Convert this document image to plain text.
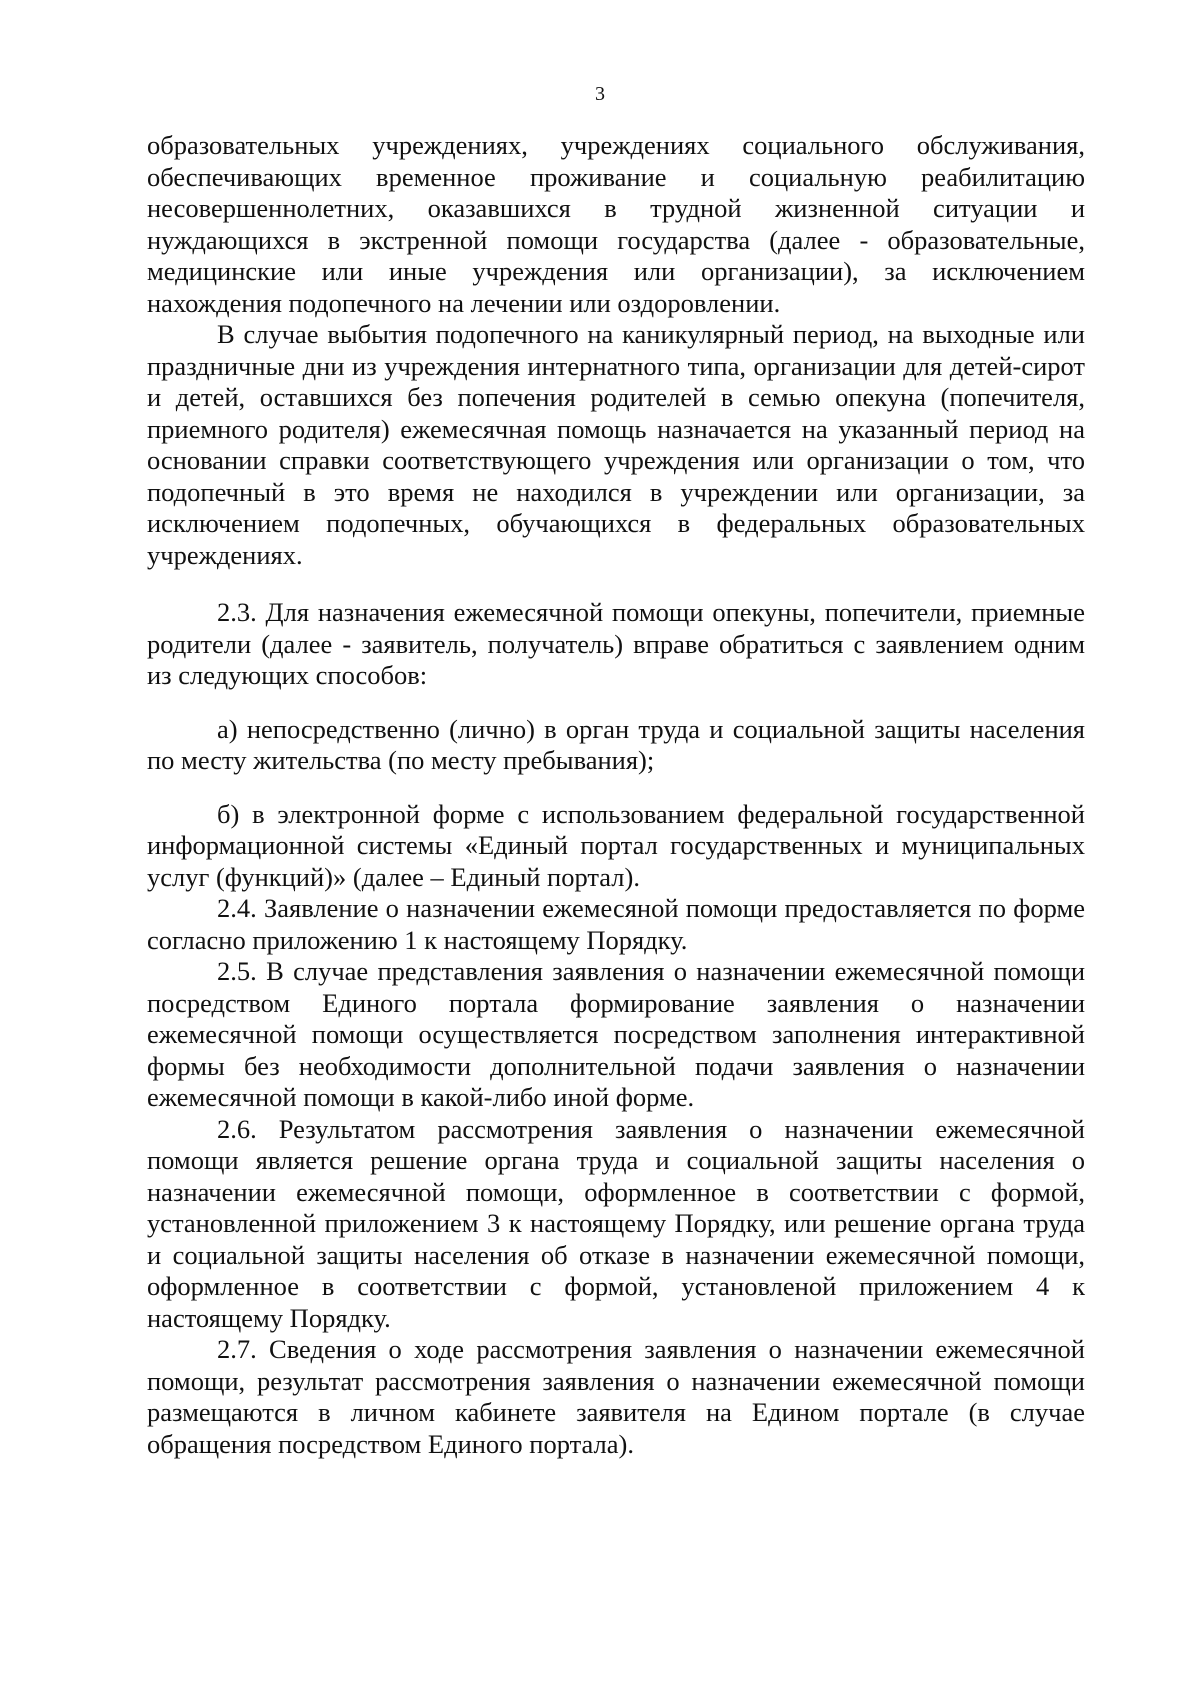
3

образовательных учреждениях, учреждениях социального обслуживания, обеспечивающих временное проживание и социальную реабилитацию несовершеннолетних, оказавшихся в трудной жизненной ситуации и нуждающихся в экстренной помощи государства (далее - образовательные, медицинские или иные учреждения или организации), за исключением нахождения подопечного на лечении или оздоровлении.

В случае выбытия подопечного на каникулярный период, на выходные или праздничные дни из учреждения интернатного типа, организации для детей-сирот и детей, оставшихся без попечения родителей в семью опекуна (попечителя, приемного родителя) ежемесячная помощь назначается на указанный период на основании справки соответствующего учреждения или организации о том, что подопечный в это время не находился в учреждении или организации, за исключением подопечных, обучающихся в федеральных образовательных учреждениях.

2.3. Для назначения ежемесячной помощи опекуны, попечители, приемные родители (далее - заявитель, получатель) вправе обратиться с заявлением одним из следующих способов:

а) непосредственно (лично) в орган труда и социальной защиты населения по месту жительства (по месту пребывания);

б) в электронной форме с использованием федеральной государственной информационной системы «Единый портал государственных и муниципальных услуг (функций)» (далее – Единый портал).

2.4. Заявление о назначении ежемесяной помощи предоставляется по форме согласно приложению 1 к настоящему Порядку.

2.5. В случае представления заявления о назначении ежемесячной помощи посредством Единого портала формирование заявления о назначении ежемесячной помощи осуществляется посредством заполнения интерактивной формы без необходимости дополнительной подачи заявления о назначении ежемесячной помощи в какой-либо иной форме.

2.6. Результатом рассмотрения заявления о назначении ежемесячной помощи является решение органа труда и социальной защиты населения о назначении ежемесячной помощи, оформленное в соответствии с формой, установленной приложением 3 к настоящему Порядку, или решение органа труда и социальной защиты населения об отказе в назначении ежемесячной помощи, оформленное в соответствии с формой, установленой приложением 4 к настоящему Порядку.

2.7. Сведения о ходе рассмотрения заявления о назначении ежемесячной помощи, результат рассмотрения заявления о назначении ежемесячной помощи размещаются в личном кабинете заявителя на Едином портале (в случае обращения посредством Единого портала).
